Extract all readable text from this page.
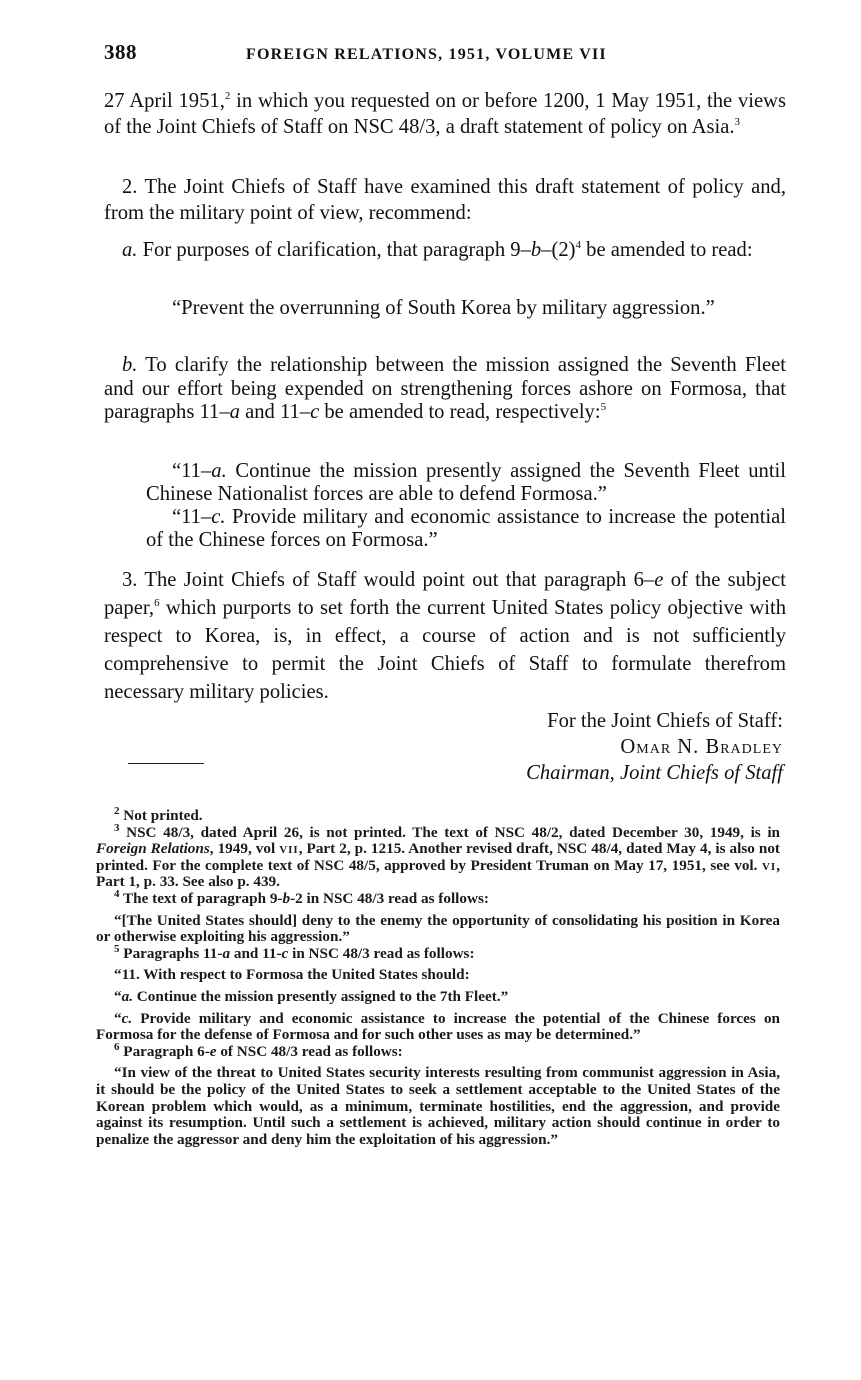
388	FOREIGN RELATIONS, 1951, VOLUME VII

27 April 1951,$^2$ in which you requested on or before 1200, 1 May 1951, the views of the Joint Chiefs of Staff on NSC 48/3, a draft statement of policy on Asia.$^3$

2. The Joint Chiefs of Staff have examined this draft statement of policy and, from the military point of view, recommend:

a. For purposes of clarification, that paragraph $9-b-(2)^4$ be amended to read:

“Prevent the overrunning of South Korea by military aggression.”

b. To clarify the relationship between the mission assigned the Seventh Fleet and our effort being expended on strengthening forces ashore on Formosa, that paragraphs 11–a and 11–c be amended to read, respectively:$^5$

“11–a. Continue the mission presently assigned the Seventh Fleet until Chinese Nationalist forces are able to defend Formosa.”

“11–c. Provide military and economic assistance to increase the potential of the Chinese forces on Formosa.”

3. The Joint Chiefs of Staff would point out that paragraph 6–e of the subject paper,$^6$ which purports to set forth the current United States policy objective with respect to Korea, is, in effect, a course of action and is not sufficiently comprehensive to permit the Joint Chiefs of Staff to formulate therefrom necessary military policies.

For the Joint Chiefs of Staff:
Omar N. Bradley
Chairman, Joint Chiefs of Staff

$^2$ Not printed.

$^3$ NSC 48/3, dated April 26, is not printed. The text of NSC 48/2, dated December 30, 1949, is in Foreign Relations, 1949, vol vii, Part 2, p. 1215. Another revised draft, NSC 48/4, dated May 4, is also not printed. For the complete text of NSC 48/5, approved by President Truman on May 17, 1951, see vol. vi, Part 1, p. 33. See also p. 439.

$^4$ The text of paragraph 9-b-2 in NSC 48/3 read as follows:

“[The United States should] deny to the enemy the opportunity of consolidating his position in Korea or otherwise exploiting his aggression.”

$^5$ Paragraphs 11-a and 11-c in NSC 48/3 read as follows:

“11. With respect to Formosa the United States should:

“a. Continue the mission presently assigned to the 7th Fleet.”

“c. Provide military and economic assistance to increase the potential of the Chinese forces on Formosa for the defense of Formosa and for such other uses as may be determined.”

$^6$ Paragraph 6-e of NSC 48/3 read as follows:

“In view of the threat to United States security interests resulting from communist aggression in Asia, it should be the policy of the United States to seek a settlement acceptable to the United States of the Korean problem which would, as a minimum, terminate hostilities, end the aggression, and provide against its resumption. Until such a settlement is achieved, military action should continue in order to penalize the aggressor and deny him the exploitation of his aggression.”
